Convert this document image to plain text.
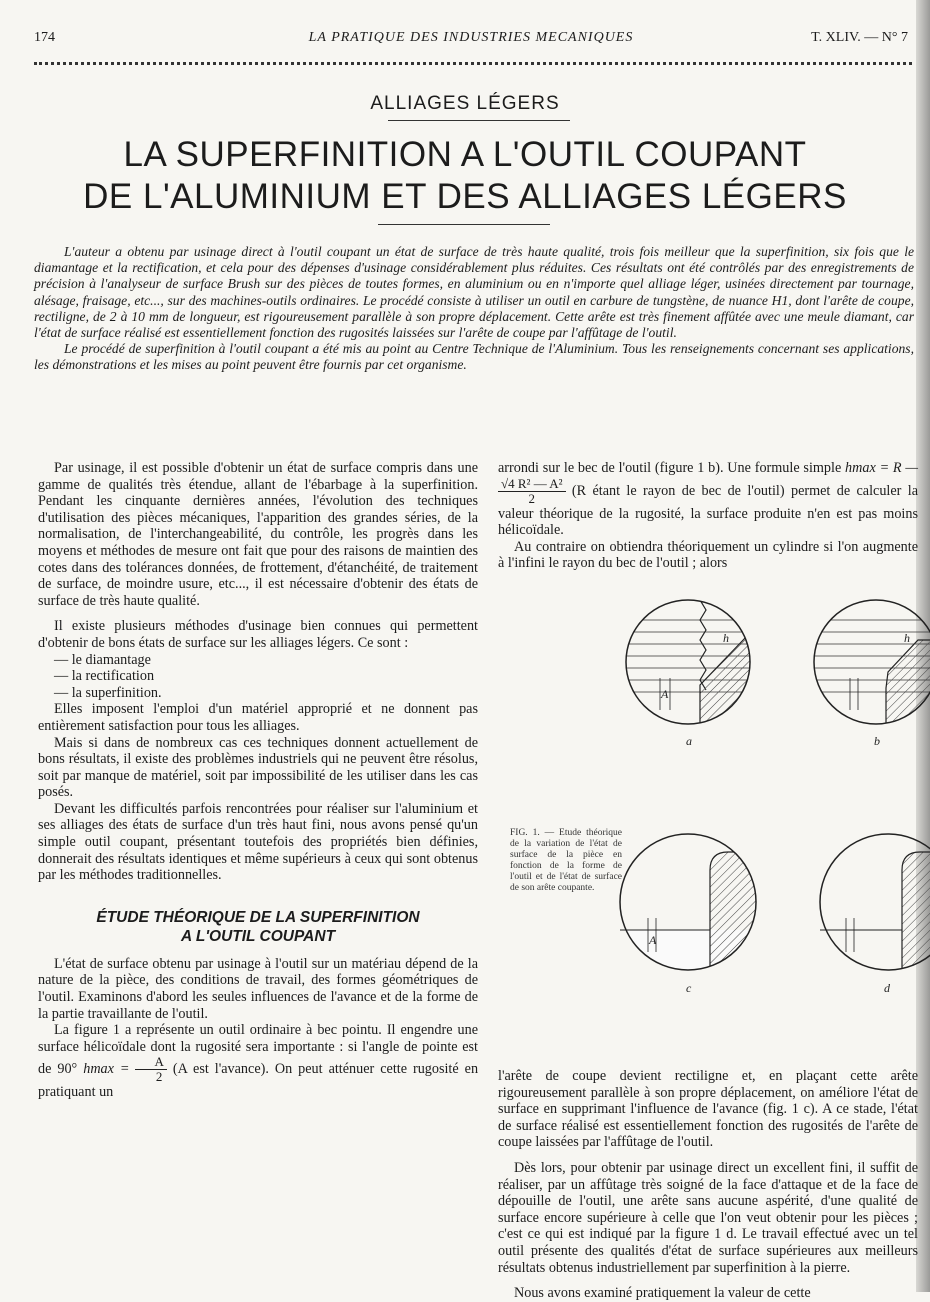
174	LA PRATIQUE DES INDUSTRIES MECANIQUES	T. XLIV. — N° 7
ALLIAGES LÉGERS
LA SUPERFINITION A L'OUTIL COUPANT
DE L'ALUMINIUM ET DES ALLIAGES LÉGERS

L'auteur a obtenu par usinage direct à l'outil coupant un état de surface de très haute qualité, trois fois meilleur que la superfinition, six fois que le diamantage et la rectification, et cela pour des dépenses d'usinage considérablement plus réduites. Ces résultats ont été contrôlés par des enregistrements de précision à l'analyseur de surface Brush sur des pièces de toutes formes, en aluminium ou en n'importe quel alliage léger, usinées directement par tournage, alésage, fraisage, etc..., sur des machines-outils ordinaires. Le procédé consiste à utiliser un outil en carbure de tungstène, de nuance H1, dont l'arête de coupe, rectiligne, de 2 à 10 mm de longueur, est rigoureusement parallèle à son propre déplacement. Cette arête est très finement affûtée avec une meule diamant, car l'état de surface réalisé est essentiellement fonction des rugosités laissées sur l'arête de coupe par l'affûtage de l'outil.

Le procédé de superfinition à l'outil coupant a été mis au point au Centre Technique de l'Aluminium. Tous les renseignements concernant ses applications, les démonstrations et les mises au point peuvent être fournis par cet organisme.

Par usinage, il est possible d'obtenir un état de surface compris dans une gamme de qualités très étendue, allant de l'ébarbage à la superfinition. Pendant les cinquante dernières années, l'évolution des techniques d'utilisation des pièces mécaniques, l'apparition des grandes séries, de la normalisation, de l'interchangeabilité, du contrôle, les progrès dans les moyens et méthodes de mesure ont fait que pour des raisons de maintien des cotes dans des tolérances données, de frottement, d'étanchéité, de traitement de surface, de moindre usure, etc..., il est nécessaire d'obtenir des états de surface de très haute qualité.

Il existe plusieurs méthodes d'usinage bien connues qui permettent d'obtenir de bons états de surface sur les alliages légers. Ce sont :

— le diamantage
— la rectification
— la superfinition.

Elles imposent l'emploi d'un matériel approprié et ne donnent pas entièrement satisfaction pour tous les alliages.

Mais si dans de nombreux cas ces techniques donnent actuellement de bons résultats, il existe des problèmes industriels qui ne peuvent être résolus, soit par manque de matériel, soit par impossibilité de les utiliser dans les cas posés.

Devant les difficultés parfois rencontrées pour réaliser sur l'aluminium et ses alliages des états de surface d'un très haut fini, nous avons pensé qu'un simple outil coupant, présentant toutefois des propriétés bien définies, donnerait des résultats identiques et même supérieurs à ceux qui sont obtenus par les méthodes traditionnelles.

ÉTUDE THÉORIQUE DE LA SUPERFINITION
A L'OUTIL COUPANT

L'état de surface obtenu par usinage à l'outil sur un matériau dépend de la nature de la pièce, des conditions de travail, des formes géométriques de l'outil. Examinons d'abord les seules influences de l'avance et de la forme de la partie travaillante de l'outil.

La figure 1 a représente un outil ordinaire à bec pointu. Il engendre une surface hélicoïdale dont la rugosité sera importante : si l'angle de pointe est de 90° $hmax = \frac{A}{2} (A$ est l'avance). On peut atténuer cette rugosité en pratiquant un

arrondi sur le bec de l'outil (figure 1 b). Une formule simple hmax = R —
$\frac{\text{√4 R² — A²}}{2} (R$ étant le rayon de bec de l'outil) permet de calculer la valeur théorique de la rugosité, la surface produite n'en est pas moins hélicoïdale.

Au contraire on obtiendra théoriquement un cylindre si l'on augmente à l'infini le rayon du bec de l'outil ; alors

FIG. 1. — Etude théorique de la variation de l'état de surface de la pièce en fonction de la forme de l'outil et de l'état de surface de son arête coupante.
h
A
a
h
b
A
c	d

l'arête de coupe devient rectiligne et, en plaçant cette arête rigoureusement parallèle à son propre déplacement, on améliore l'état de surface en supprimant l'influence de l'avance (fig. 1 c). A ce stade, l'état de surface réalisé est essentiellement fonction des rugosités de l'arête de coupe laissées par l'affûtage de l'outil.

Dès lors, pour obtenir par usinage direct un excellent fini, il suffit de réaliser, par un affûtage très soigné de la face d'attaque et de la face de dépouille de l'outil, une arête sans aucune aspérité, d'une qualité de surface encore supérieure à celle que l'on veut obtenir pour les pièces ; c'est ce qui est indiqué par la figure 1 d. Le travail effectué avec un tel outil présente des qualités d'état de surface supérieures aux meilleurs résultats obtenus industriellement par superfinition à la pierre.

Nous avons examiné pratiquement la valeur de cette
